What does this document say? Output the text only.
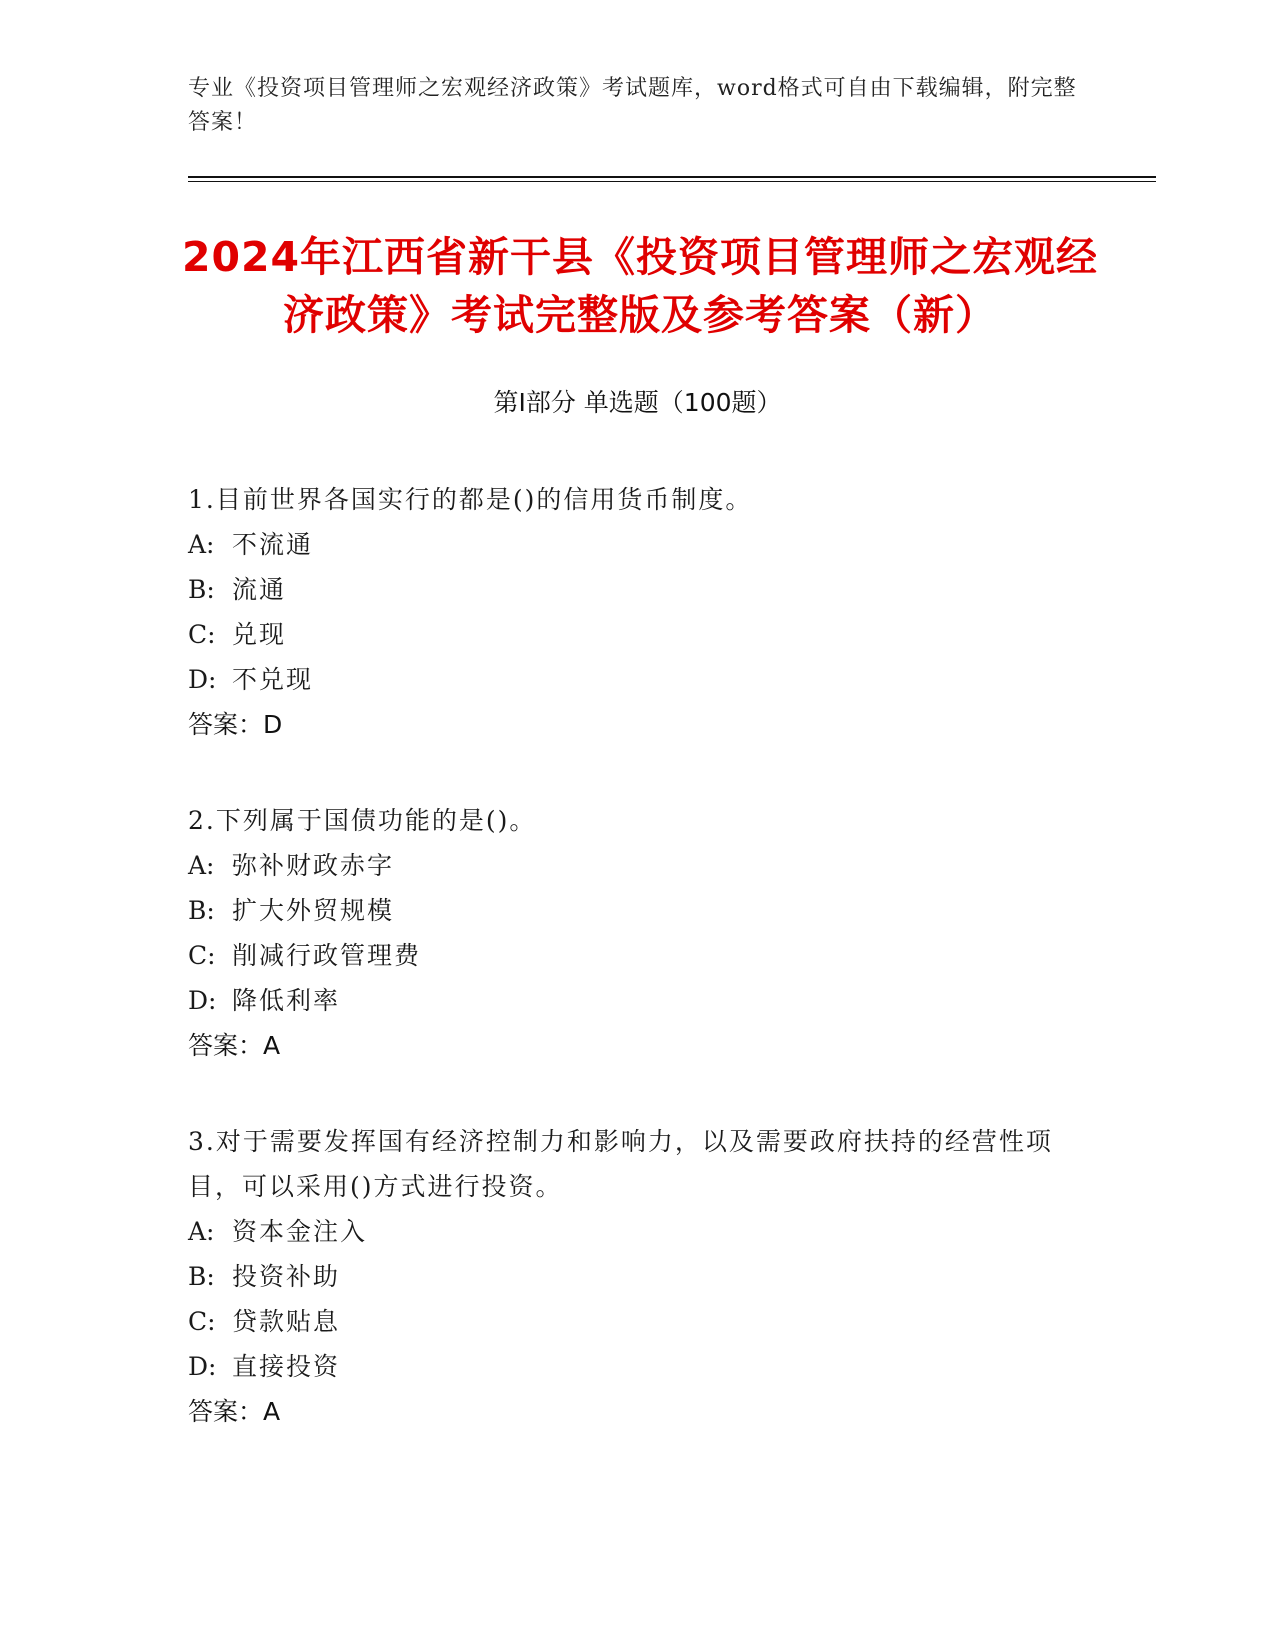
专业《投资项目管理师之宏观经济政策》考试题库，word格式可自由下载编辑，附完整答案！
2024年江西省新干县《投资项目管理师之宏观经济政策》考试完整版及参考答案（新）
第Ⅰ部分 单选题（100题）
1.目前世界各国实行的都是()的信用货币制度。
A: 不流通
B: 流通
C: 兑现
D: 不兑现
答案：D
2.下列属于国债功能的是()。
A: 弥补财政赤字
B: 扩大外贸规模
C: 削减行政管理费
D: 降低利率
答案：A
3.对于需要发挥国有经济控制力和影响力，以及需要政府扶持的经营性项目，可以采用()方式进行投资。
A: 资本金注入
B: 投资补助
C: 贷款贴息
D: 直接投资
答案：A
